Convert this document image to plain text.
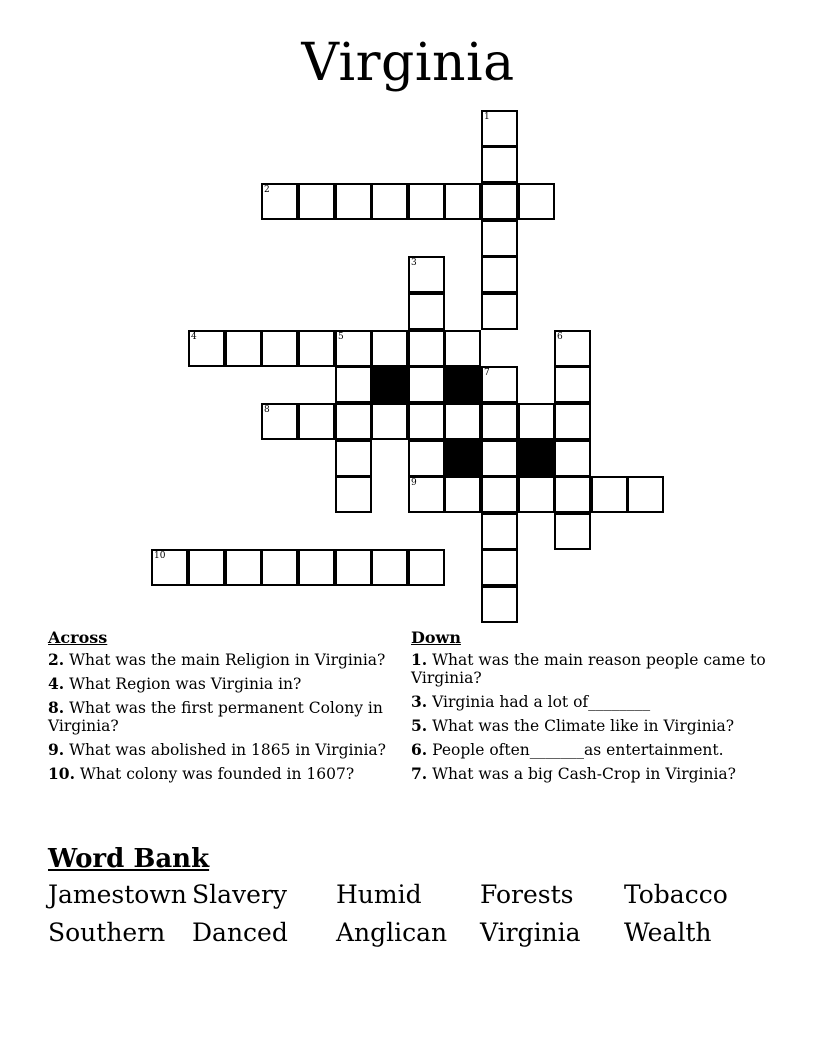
Virginia
1
2
3
4	5	6
7
8
9
10
Across
2. What was the main Religion in Virginia?
4. What Region was Virginia in?
8. What was the first permanent Colony in Virginia?
9. What was abolished in 1865 in Virginia?
10. What colony was founded in 1607?
Down
1. What was the main reason people came to Virginia?
3. Virginia had a lot of________
5. What was the Climate like in Virginia?
6. People often_______as entertainment.
7. What was a big Cash-Crop in Virginia?
Word Bank
Jamestown Slavery	Humid	Forests	Tobacco
Southern	Danced	Anglican	Virginia	Wealth
